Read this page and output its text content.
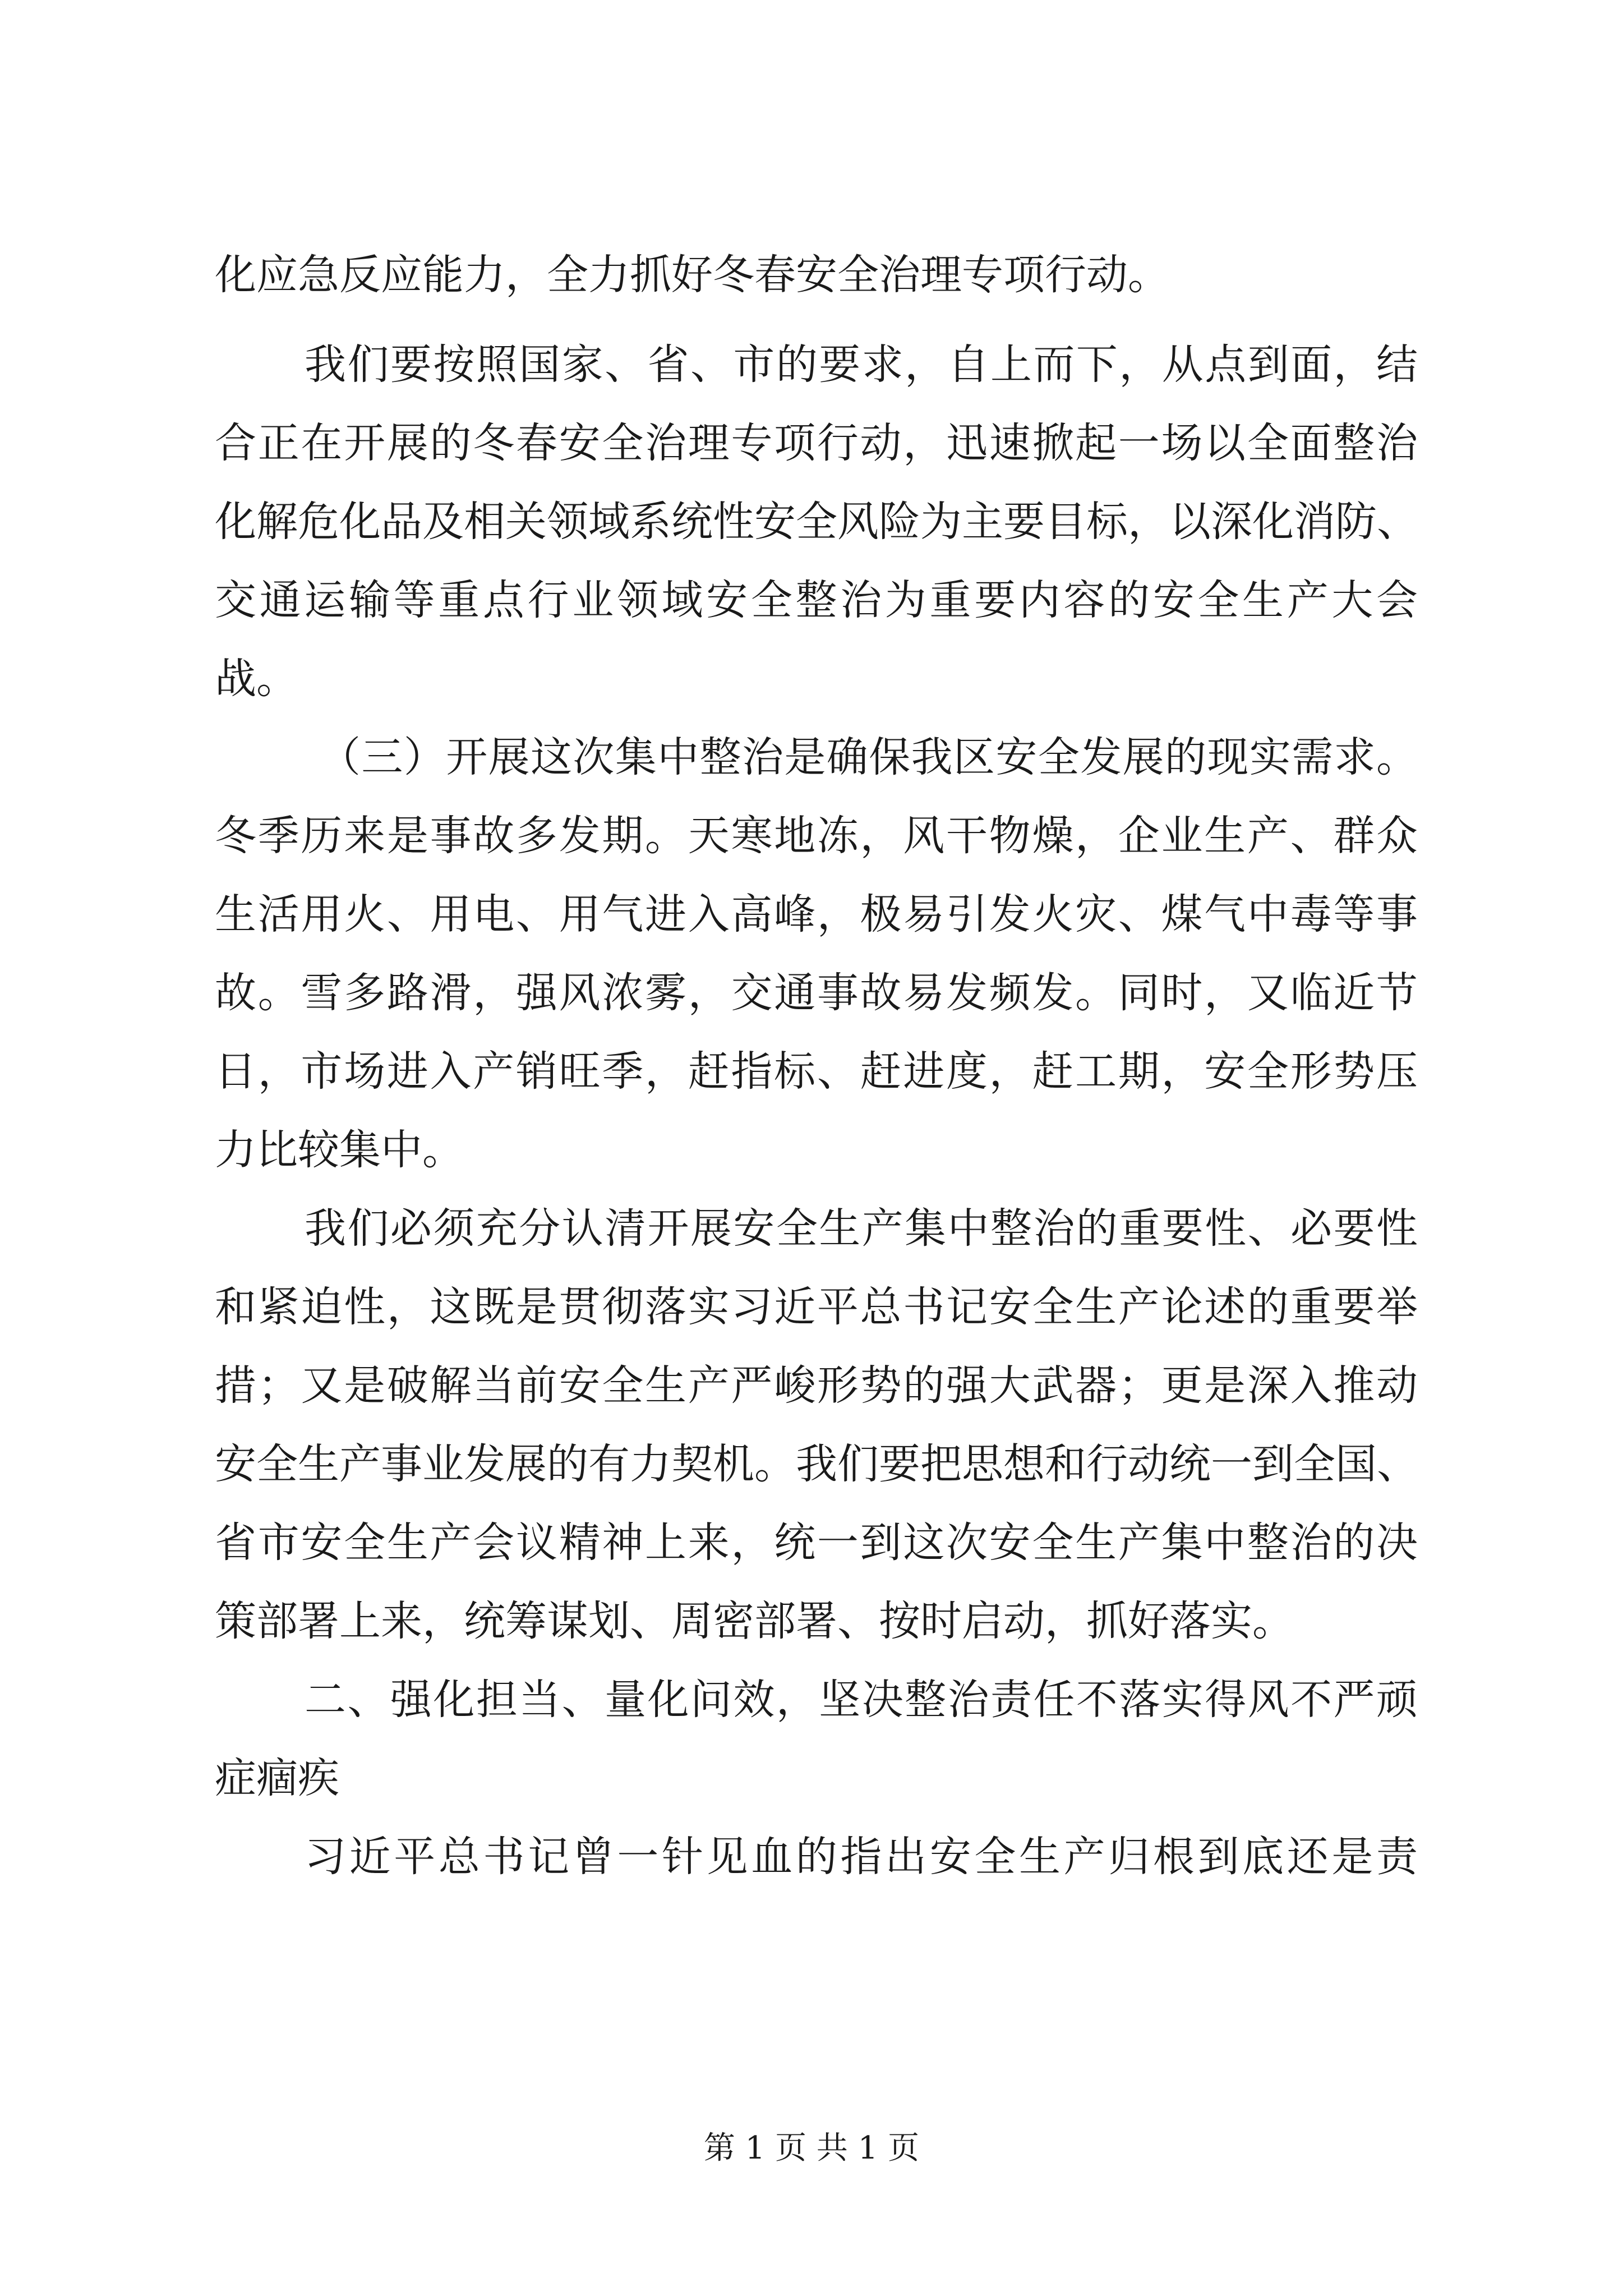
化应急反应能力，全力抓好冬春安全治理专项行动。
我们要按照国家、省、市的要求，自上而下，从点到面，结
合正在开展的冬春安全治理专项行动，迅速掀起一场以全面整治
化解危化品及相关领域系统性安全风险为主要目标，以深化消防、
交通运输等重点行业领域安全整治为重要内容的安全生产大会
战。
（三）开展这次集中整治是确保我区安全发展的现实需求。
冬季历来是事故多发期。天寒地冻，风干物燥，企业生产、群众
生活用火、用电、用气进入高峰，极易引发火灾、煤气中毒等事
故。雪多路滑，强风浓雾，交通事故易发频发。同时，又临近节
日，市场进入产销旺季，赶指标、赶进度，赶工期，安全形势压
力比较集中。
我们必须充分认清开展安全生产集中整治的重要性、必要性
和紧迫性，这既是贯彻落实习近平总书记安全生产论述的重要举
措；又是破解当前安全生产严峻形势的强大武器；更是深入推动
安全生产事业发展的有力契机。我们要把思想和行动统一到全国、
省市安全生产会议精神上来，统一到这次安全生产集中整治的决
策部署上来，统筹谋划、周密部署、按时启动，抓好落实。
二、强化担当、量化问效，坚决整治责任不落实得风不严顽
症痼疾
习近平总书记曾一针见血的指出安全生产归根到底还是责
第 1 页 共 1 页
